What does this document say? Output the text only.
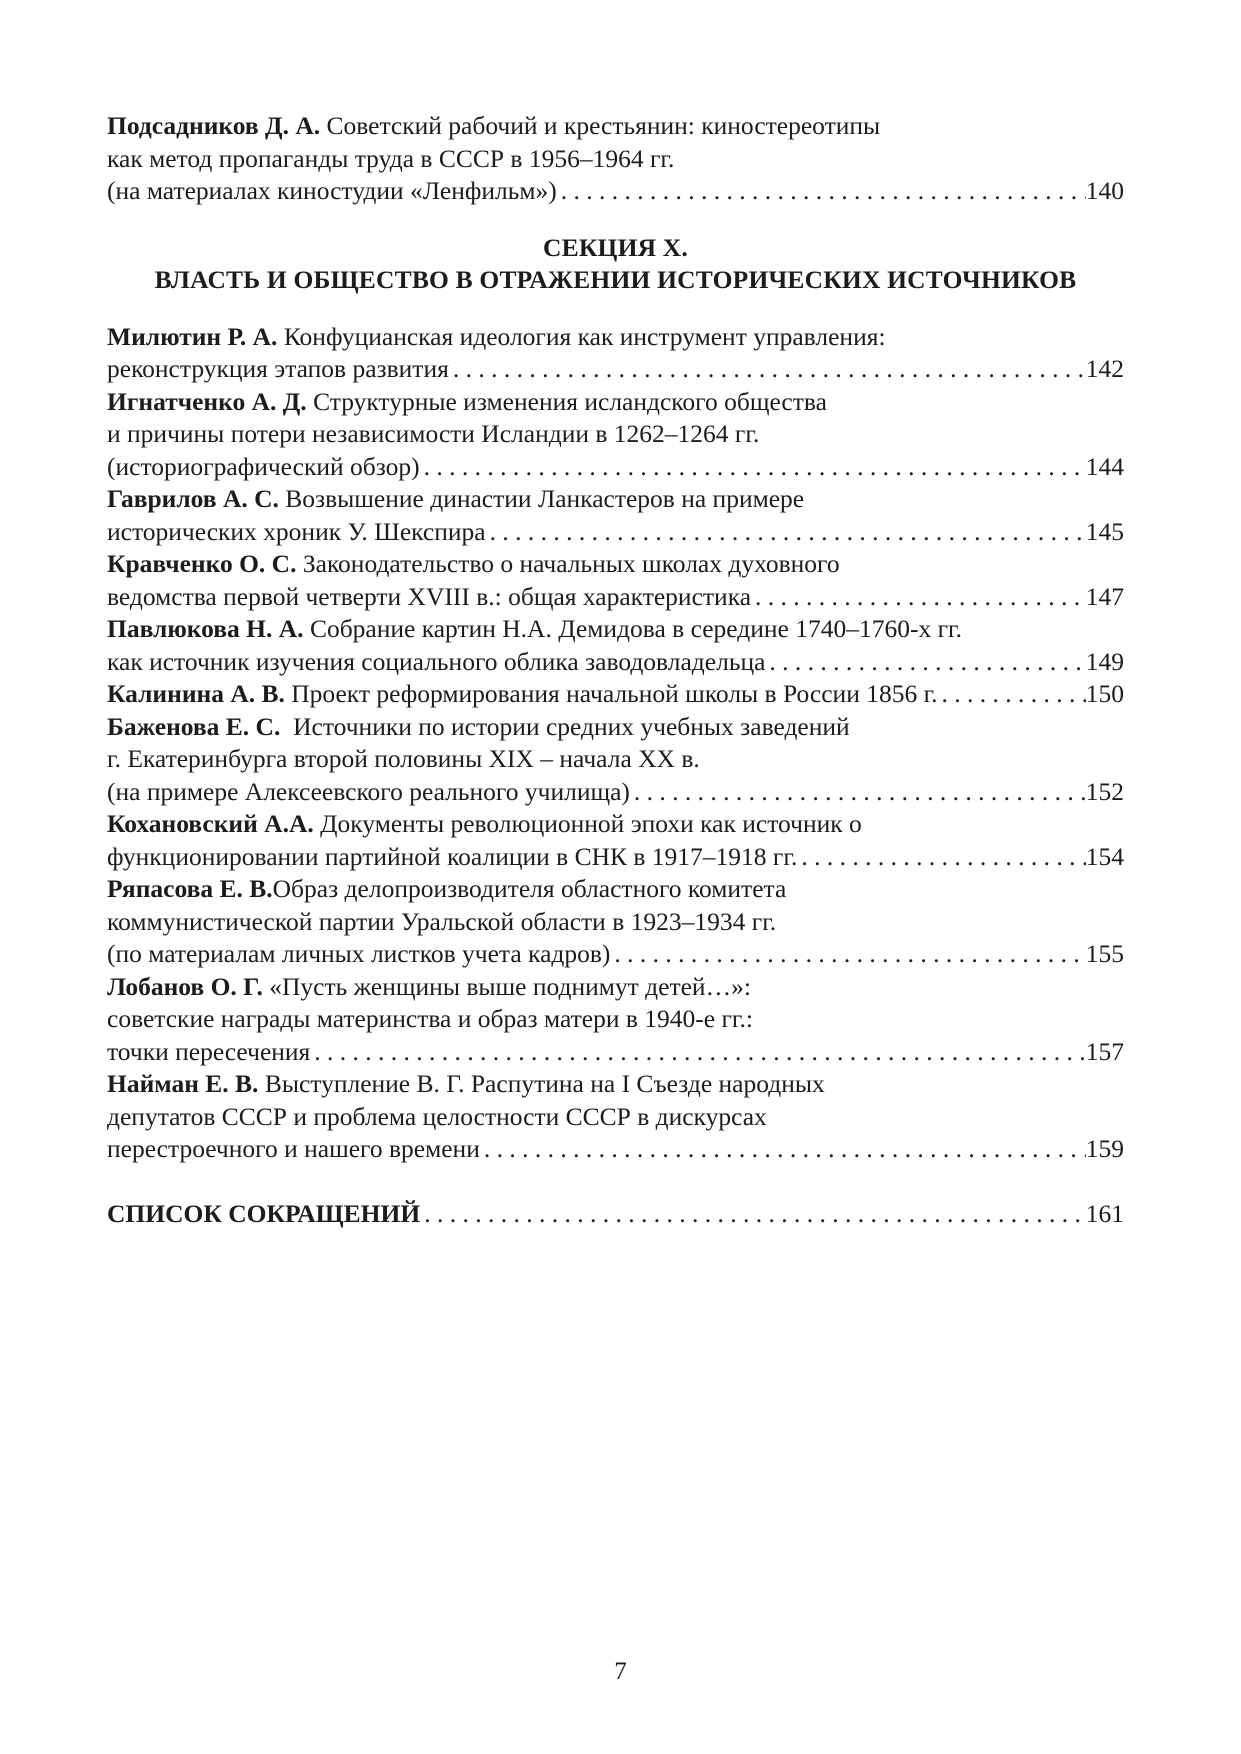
Подсадников Д. А. Советский рабочий и крестьянин: киностереотипы
как метод пропаганды труда в СССР в 1956–1964 гг.
(на материалах киностудии «Ленфильм») . . .	140
СЕКЦИЯ X.
ВЛАСТЬ И ОБЩЕСТВО В ОТРАЖЕНИИ ИСТОРИЧЕСКИХ ИСТОЧНИКОВ
Милютин Р. А. Конфуцианская идеология как инструмент управления:
реконструкция этапов развития . . .	142
Игнатченко А. Д. Структурные изменения исландского общества
и причины потери независимости Исландии в 1262–1264 гг.
(историографический обзор) . . .	144
Гаврилов А. С. Возвышение династии Ланкастеров на примере
исторических хроник У. Шекспира . . .	145
Кравченко О. С. Законодательство о начальных школах духовного
ведомства первой четверти XVIII в.: общая характеристика . . .	147
Павлюкова Н. А. Собрание картин Н.А. Демидова в середине 1740–1760-х гг.
как источник изучения социального облика заводовладельца . . .	149
Калинина А. В. Проект реформирования начальной школы в России 1856 г. . . .	150
Баженова Е. С.  Источники по истории средних учебных заведений
г. Екатеринбурга второй половины XIX – начала XX в.
(на примере Алексеевского реального училища) . . .	152
Кохановский А.А. Документы революционной эпохи как источник о
функционировании партийной коалиции в СНК в 1917–1918 гг. . . .	154
Ряпасова Е. В.Образ делопроизводителя областного комитета
коммунистической партии Уральской области в 1923–1934 гг.
(по материалам личных листков учета кадров) . . .	155
Лобанов О. Г. «Пусть женщины выше поднимут детей…»:
советские награды материнства и образ матери в 1940-е гг.:
точки пересечения . . .	157
Найман Е. В. Выступление В. Г. Распутина на I Съезде народных
депутатов СССР и проблема целостности СССР в дискурсах
перестроечного и нашего времени . . .	159
СПИСОК СОКРАЩЕНИЙ . . .	161
7
